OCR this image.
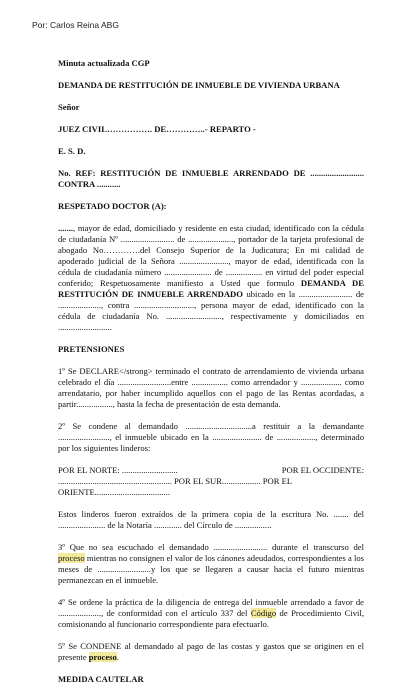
Por: Carlos Reina ABG

Minuta actualizada CGP

DEMANDA DE RESTITUCIÓN DE INMUEBLE DE VIVIENDA URBANA

Señor

JUEZ CIVIL……………. DE…………..- REPARTO -

E. S. D.

No. REF: RESTITUCIÓN DE INMUEBLE ARRENDADO DE ......................... CONTRA ...........

RESPETADO DOCTOR (A):

......., mayor de edad, domiciliado y residente en esta ciudad, identificado con la cédula de ciudadanía Nº ......................... de ....................., portador de la tarjeta profesional de abogado No………….del Consejo Superior de la Judicatura; En mi calidad de apoderado judicial de la Señora ......................., mayor de edad, identificada con la cédula de ciudadanía número ...................... de ................. en virtud del poder especial conferido; Respetuosamente manifiesto a Usted que formulo DEMANDA DE RESTITUCIÓN DE INMUEBLE ARRENDADO ubicado en la ......................... de ...................., contra ............................, persona mayor de edad, identificado con la cédula de ciudadanía No. .........................., respectivamente y domiciliados en .........................

PRETENSIONES

1º Se DECLARE</strong> terminado el contrato de arrendamiento de vivienda urbana celebrado el día .........................entre ................. como arrendador y ................... como arrendatario, por haber incumplido aquellos con el pago de las Rentas acordadas, a partir................., hasta la fecha de presentación de esta demanda.

2º Se condene al demandado ...............................a restituir a la demandante ........................, el inmueble ubicado en la ....................... de .................., determinado por los siguientes linderos:

POR EL NORTE: ..........................	POR EL OCCIDENTE:
..................................................... POR EL SUR.................. POR EL
ORIENTE...................................

Estos linderos fueron extraídos de la primera copia de la escritura No. ....... del ...................... de la Notaría ............. del Círculo de .................

3º Que no sea escuchado el demandado ......................... durante el transcurso del proceso mientras no consignen el valor de los cánones adeudados, correspondientes a los meses de .........................y los que se llegaren a causar hacia el futuro mientras permanezcan en el inmueble.

4º Se ordene la práctica de la diligencia de entrega del inmueble arrendado a favor de ...................., de conformidad con el artículo 337 del Código de Procedimiento Civil, comisionando al funcionario correspondiente para efectuarlo.

5º Se CONDENE al demandado al pago de las costas y gastos que se originen en el presente proceso.

MEDIDA CAUTELAR
